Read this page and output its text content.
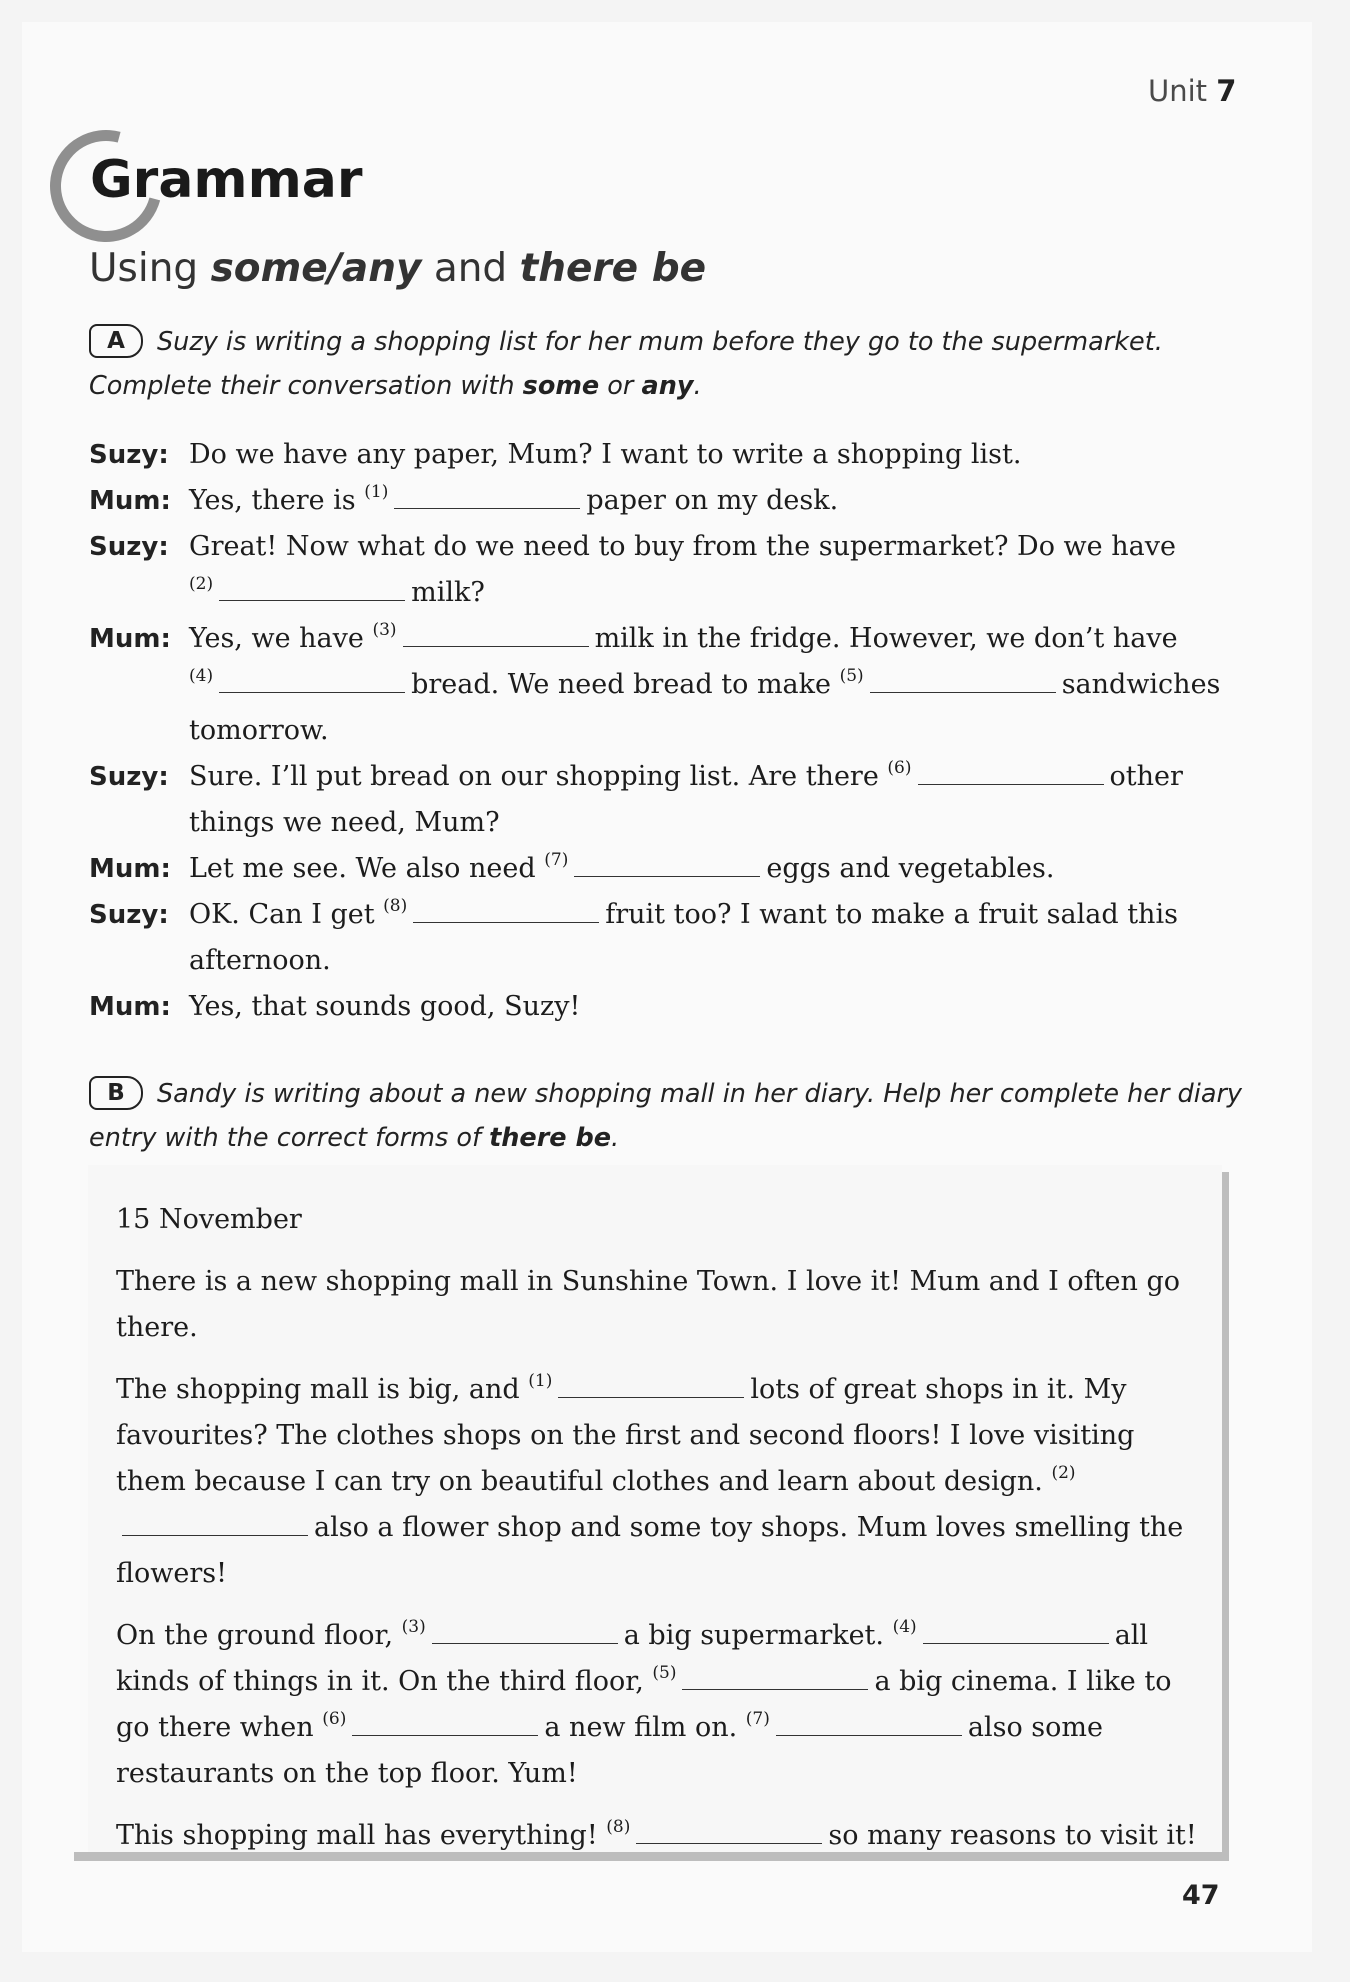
Unit 7
Grammar
Using some/any and there be
A Suzy is writing a shopping list for her mum before they go to the supermarket. Complete their conversation with some or any.
Suzy: Do we have any paper, Mum? I want to write a shopping list.
Mum: Yes, there is $^{(1)}$	paper on my desk.
Suzy: Great! Now what do we need to buy from the supermarket? Do we have
$^{(2)}$	milk?
Mum: Yes, we have $^{(3)}$	milk in the fridge. However, we don’t have
$^{(4)}$	bread. We need bread to make $^{(5)}$	sandwiches
tomorrow.
Suzy: Sure. I’ll put bread on our shopping list. Are there $^{(6)}$	other
things we need, Mum?
Mum: Let me see. We also need $^{(7)}$	eggs and vegetables.
Suzy: OK. Can I get $^{(8)}$	fruit too? I want to make a fruit salad this
afternoon.
Mum: Yes, that sounds good, Suzy!
B Sandy is writing about a new shopping mall in her diary. Help her complete her diary entry with the correct forms of there be.

15 November

There is a new shopping mall in Sunshine Town. I love it! Mum and I often go there.

The shopping mall is big, and $^{(1)}$	lots of great shops in it. My favourites? The clothes shops on the first and second floors! I love visiting them because I can try on beautiful clothes and learn about design. $^{(2)}$also a flower shop and some toy shops. Mum loves smelling the flowers!

On the ground floor, $^{(3)}$	a big supermarket. $^{(4)}$	all kinds of things in it. On the third floor, $^{(5)}$	a big cinema. I like to go there when $^{(6)}$	a new film on. $^{(7)}$	also some restaurants on the top floor. Yum!

This shopping mall has everything! $^{(8)}$	so many reasons to visit it!

47
